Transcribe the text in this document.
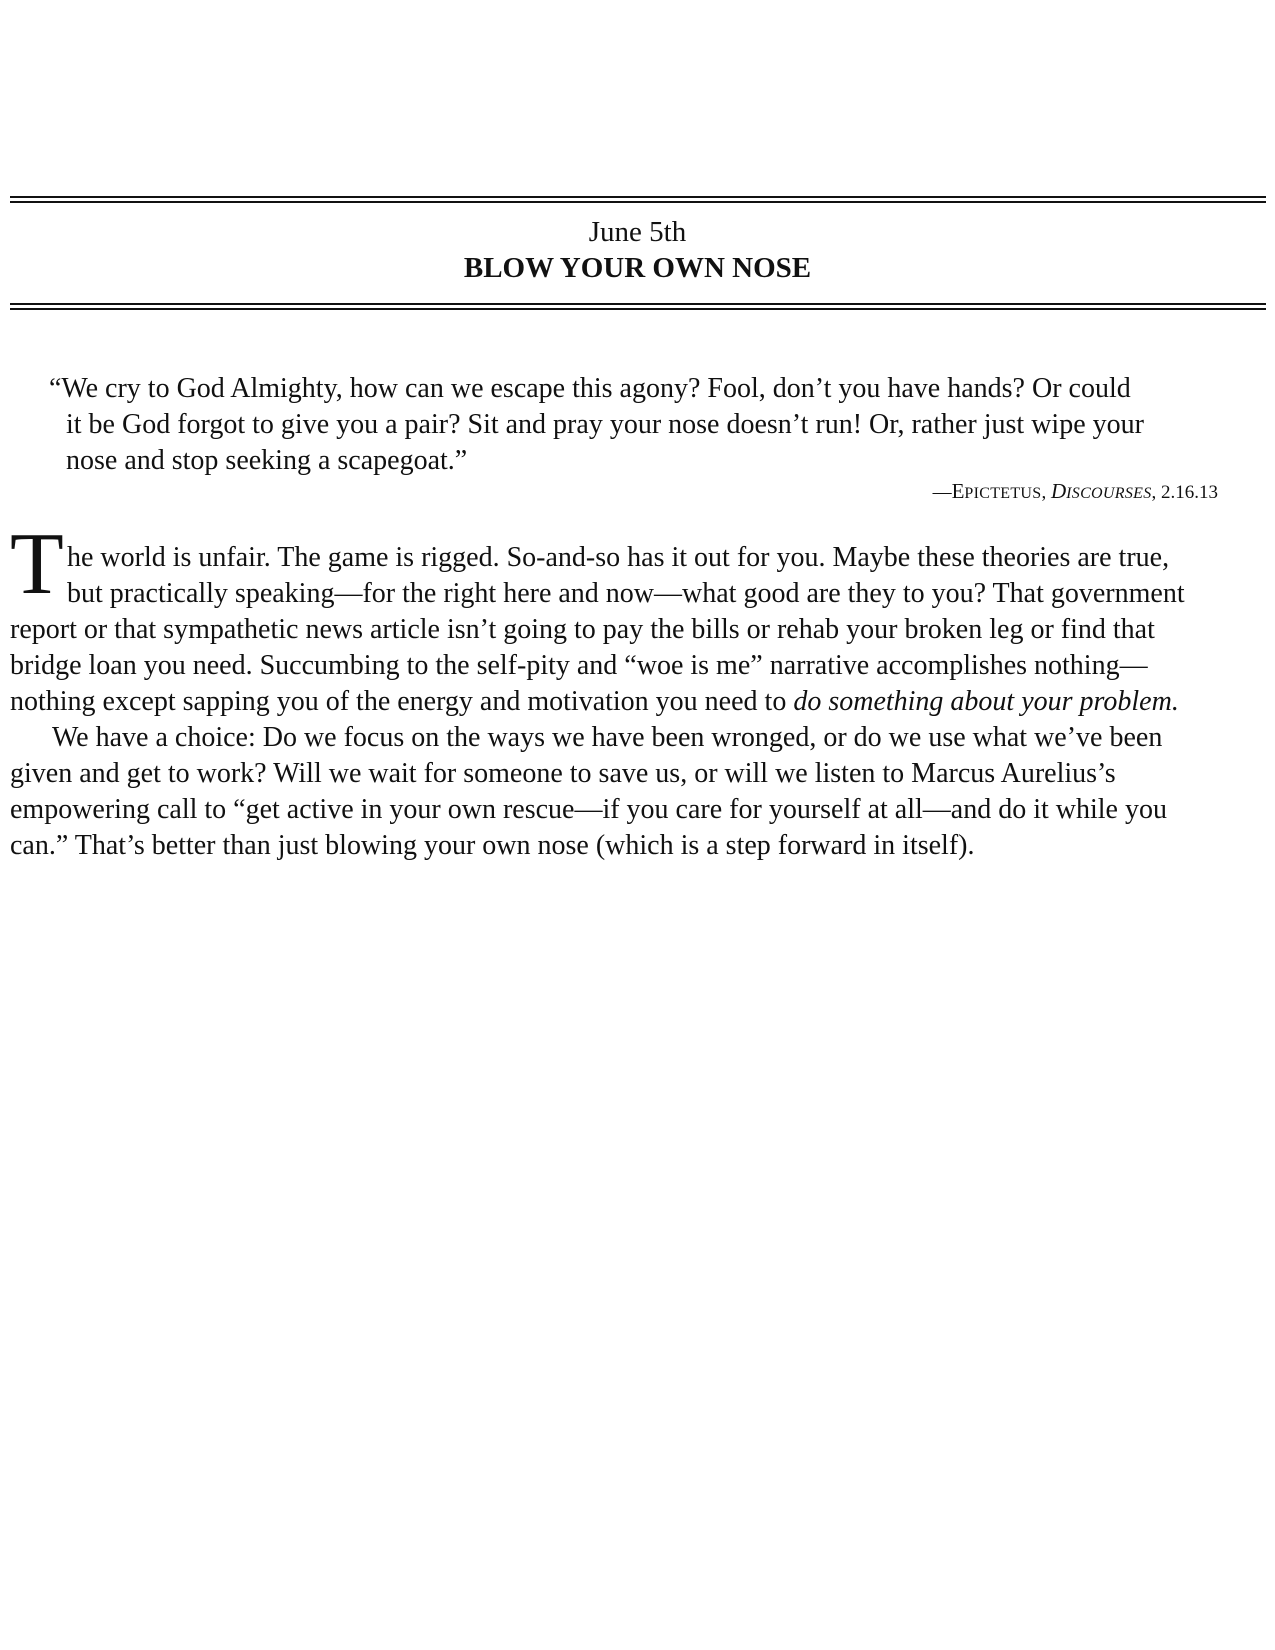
June 5th
BLOW YOUR OWN NOSE
“We cry to God Almighty, how can we escape this agony? Fool, don’t you have hands? Or could
it be God forgot to give you a pair? Sit and pray your nose doesn’t run! Or, rather just wipe your
nose and stop seeking a scapegoat.”
—EPICTETUS, DISCOURSES, 2.16.13
T he world is unfair. The game is rigged. So-and-so has it out for you. Maybe these theories are true,
but practically speaking—for the right here and now—what good are they to you? That government
report or that sympathetic news article isn’t going to pay the bills or rehab your broken leg or find that
bridge loan you need. Succumbing to the self-pity and “woe is me” narrative accomplishes nothing—
nothing except sapping you of the energy and motivation you need to do something about your problem.
We have a choice: Do we focus on the ways we have been wronged, or do we use what we’ve been
given and get to work? Will we wait for someone to save us, or will we listen to Marcus Aurelius’s
empowering call to “get active in your own rescue—if you care for yourself at all—and do it while you
can.” That’s better than just blowing your own nose (which is a step forward in itself).
